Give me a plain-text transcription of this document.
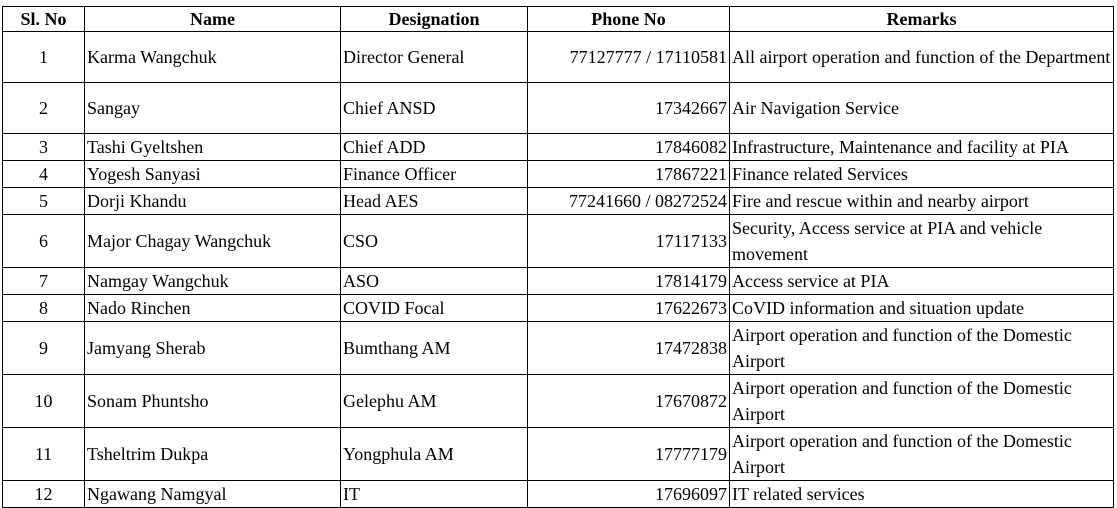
Sl. No	Name	Designation	Phone No	Remarks
1	Karma Wangchuk	Director General	77127777 / 17110581	All airport operation and function of the Department
2	Sangay	Chief ANSD	17342667	Air Navigation Service
3	Tashi Gyeltshen	Chief ADD	17846082	Infrastructure, Maintenance and facility at PIA
4	Yogesh Sanyasi	Finance Officer	17867221	Finance related Services
5	Dorji Khandu	Head AES	77241660 / 08272524	Fire and rescue within and nearby airport
6	Major Chagay Wangchuk	CSO	17117133	Security, Access service at PIA and vehicle movement
7	Namgay Wangchuk	ASO	17814179	Access service at PIA
8	Nado Rinchen	COVID Focal	17622673	CoVID information and situation update
9	Jamyang Sherab	Bumthang AM	17472838	Airport operation and function of the Domestic Airport
10	Sonam Phuntsho	Gelephu AM	17670872	Airport operation and function of the Domestic Airport
11	Tsheltrim Dukpa	Yongphula AM	17777179	Airport operation and function of the Domestic Airport
12	Ngawang Namgyal	IT	17696097	IT related services
